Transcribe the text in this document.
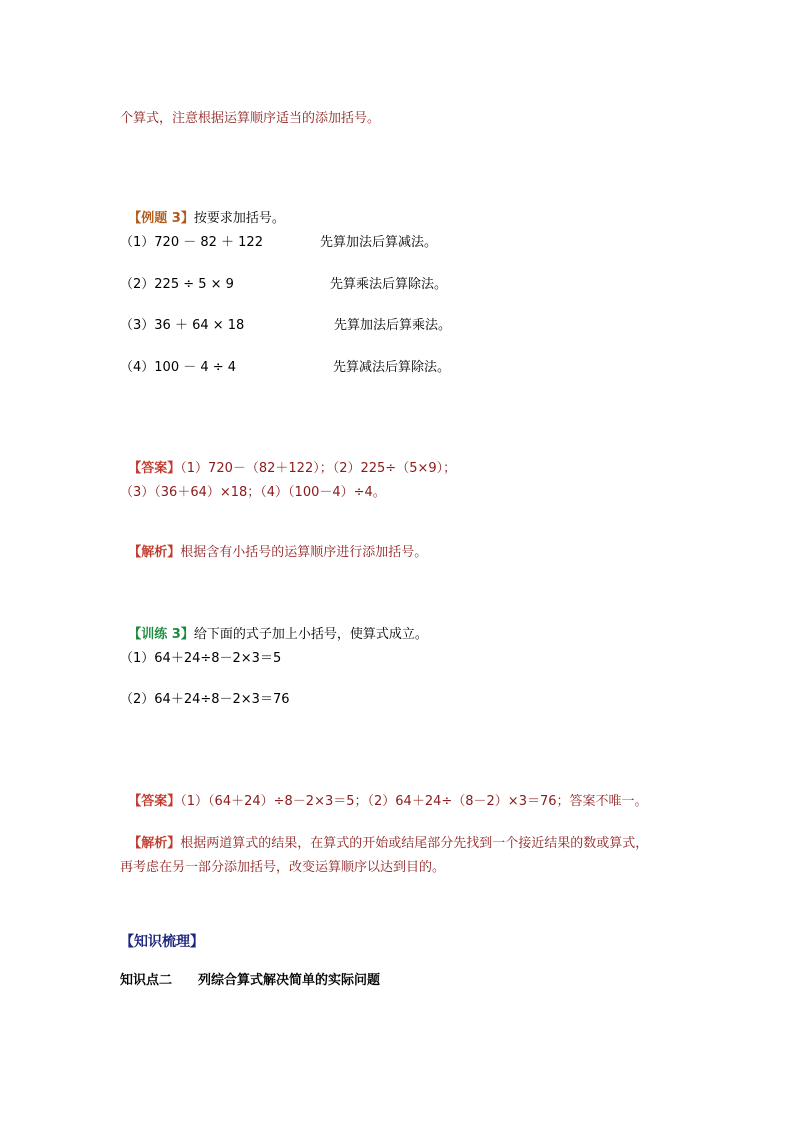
个算式，注意根据运算顺序适当的添加括号。

【例题 3】按要求加括号。

（1）720 － 82 ＋ 122	先算加法后算减法。
（2）225 ÷ 5 × 9	先算乘法后算除法。
（3）36 ＋ 64 × 18	先算加法后算乘法。
（4）100 － 4 ÷ 4	先算减法后算除法。

【答案】（1）720－（82＋122）；（2）225÷（5×9）；

（3）（36＋64）×18；（4）（100－4）÷4。

【解析】根据含有小括号的运算顺序进行添加括号。

【训练 3】给下面的式子加上小括号，使算式成立。

（1）64＋24÷8－2×3＝5
（2）64＋24÷8－2×3＝76

【答案】（1）（64＋24）÷8－2×3＝5；（2）64＋24÷（8－2）×3＝76；答案不唯一。

【解析】根据两道算式的结果，在算式的开始或结尾部分先找到一个接近结果的数或算式，

再考虑在另一部分添加括号，改变运算顺序以达到目的。
【知识梳理】
知识点二　　列综合算式解决简单的实际问题
